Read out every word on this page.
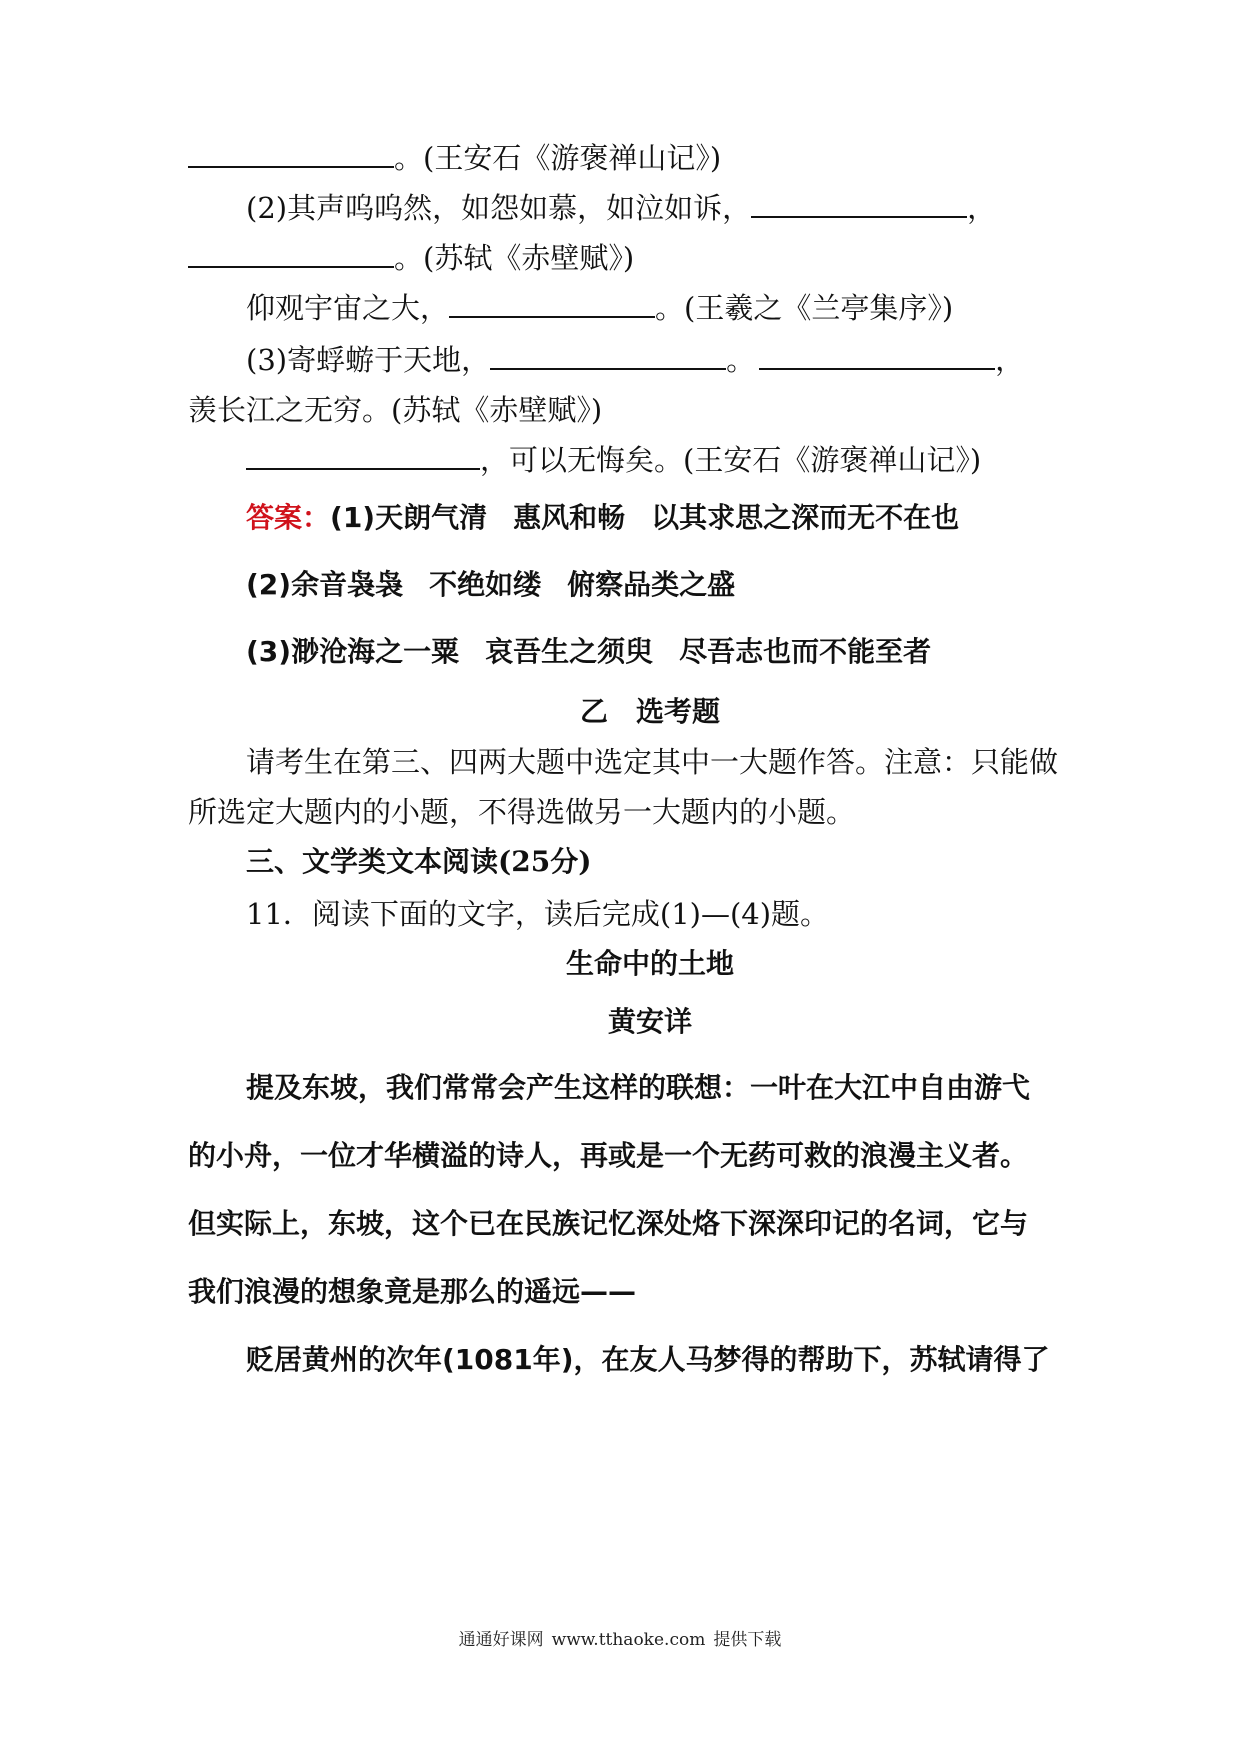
。(王安石《游褒禅山记》)
(2)其声呜呜然，如怨如慕，如泣如诉，	，
。(苏轼《赤壁赋》)
仰观宇宙之大，	。(王羲之《兰亭集序》)
(3)寄蜉蝣于天地，	。	，
羡长江之无穷。(苏轼《赤壁赋》)
，可以无悔矣。(王安石《游褒禅山记》)
答案：(1)天朗气清 惠风和畅 以其求思之深而无不在也
(2)余音袅袅 不绝如缕 俯察品类之盛
(3)渺沧海之一粟 哀吾生之须臾 尽吾志也而不能至者
乙　选考题
请考生在第三、四两大题中选定其中一大题作答。注意：只能做
所选定大题内的小题，不得选做另一大题内的小题。
三、文学类文本阅读(25分)
11．阅读下面的文字，读后完成(1)—(4)题。
生命中的土地
黄安详
提及东坡，我们常常会产生这样的联想：一叶在大江中自由游弋
的小舟，一位才华横溢的诗人，再或是一个无药可救的浪漫主义者。
但实际上，东坡，这个已在民族记忆深处烙下深深印记的名词，它与
我们浪漫的想象竟是那么的遥远——
贬居黄州的次年(1081年)，在友人马梦得的帮助下，苏轼请得了
通通好课网 www.tthaoke.com 提供下载
